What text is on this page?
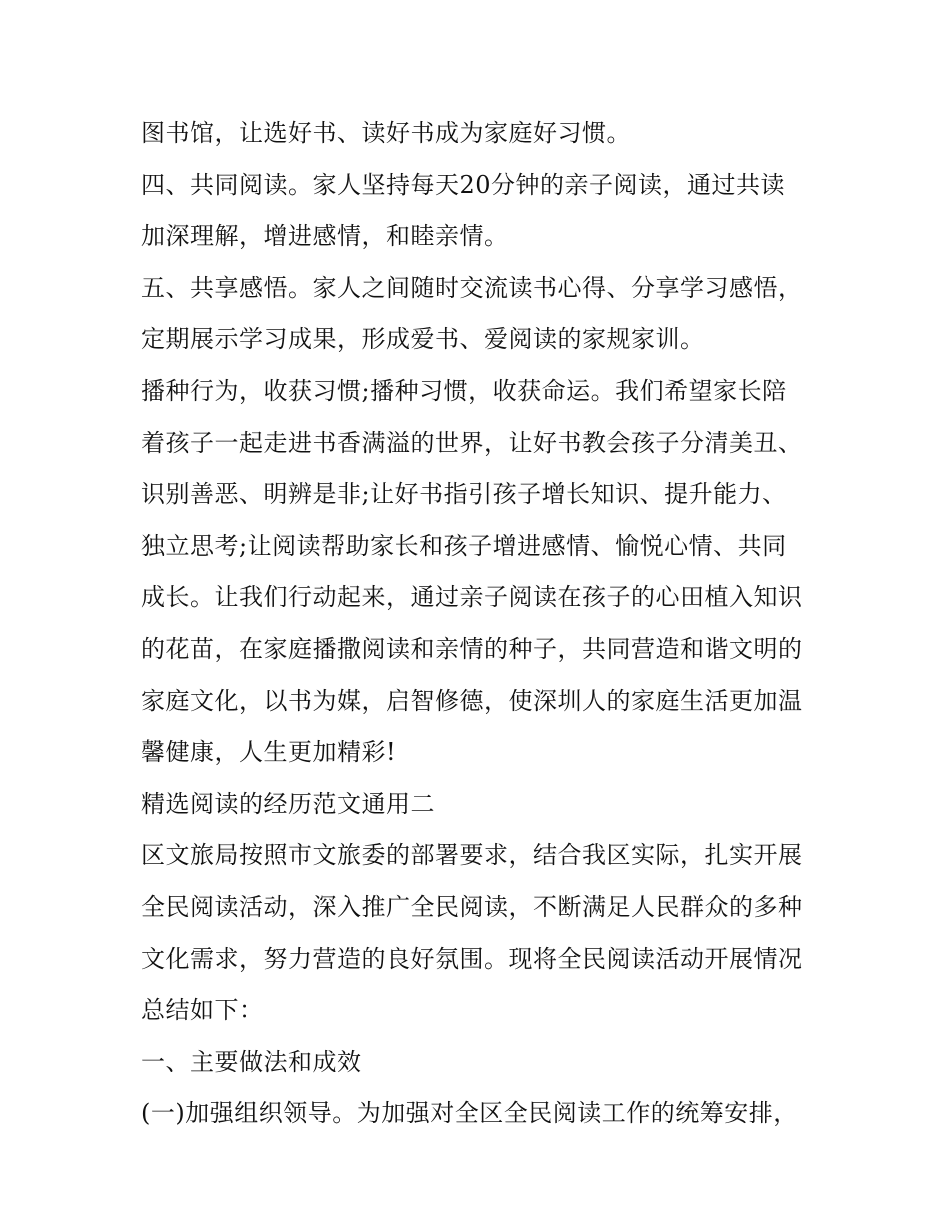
图书馆，让选好书、读好书成为家庭好习惯。
四、共同阅读。家人坚持每天20分钟的亲子阅读，通过共读
加深理解，增进感情，和睦亲情。
五、共享感悟。家人之间随时交流读书心得、分享学习感悟，
定期展示学习成果，形成爱书、爱阅读的家规家训。
播种行为，收获习惯;播种习惯，收获命运。我们希望家长陪
着孩子一起走进书香满溢的世界，让好书教会孩子分清美丑、
识别善恶、明辨是非;让好书指引孩子增长知识、提升能力、
独立思考;让阅读帮助家长和孩子增进感情、愉悦心情、共同
成长。让我们行动起来，通过亲子阅读在孩子的心田植入知识
的花苗，在家庭播撒阅读和亲情的种子，共同营造和谐文明的
家庭文化，以书为媒，启智修德，使深圳人的家庭生活更加温
馨健康，人生更加精彩!
精选阅读的经历范文通用二
区文旅局按照市文旅委的部署要求，结合我区实际，扎实开展
全民阅读活动，深入推广全民阅读，不断满足人民群众的多种
文化需求，努力营造的良好氛围。现将全民阅读活动开展情况
总结如下：
一、主要做法和成效
(一)加强组织领导。为加强对全区全民阅读工作的统筹安排，
